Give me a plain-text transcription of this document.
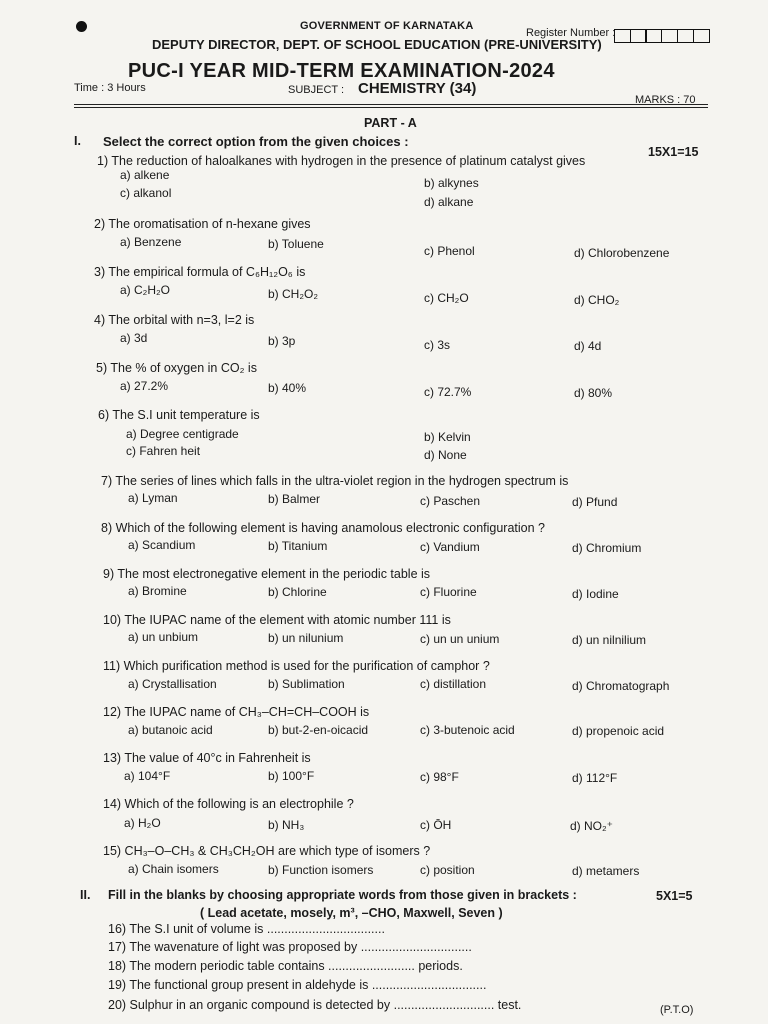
GOVERNMENT OF KARNATAKA
Register Number :
DEPUTY DIRECTOR, DEPT. OF SCHOOL EDUCATION (PRE-UNIVERSITY)
PUC-I YEAR MID-TERM EXAMINATION-2024
Time : 3 Hours	SUBJECT : CHEMISTRY (34)
MARKS : 70
PART - A
I. Select the correct option from the given choices :
15X1=15
1) The reduction of haloalkanes with hydrogen in the presence of platinum catalyst gives
a) alkene
b) alkynes
c) alkanol
d) alkane
2) The oromatisation of n-hexane gives
a) Benzene	b) Toluene	c) Phenol	d) Chlorobenzene
3) The empirical formula of C₆H₁₂O₆ is
a) C₂H₂O	b) CH₂O₂	c) CH₂O	d) CHO₂
4) The orbital with n=3, l=2 is
a) 3d	b) 3p	c) 3s	d) 4d
5) The % of oxygen in CO₂ is
a) 27.2%	b) 40%	c) 72.7%	d) 80%
6) The S.I unit temperature is
a) Degree centigrade	b) Kelvin
c) Fahren heit	d) None
7) The series of lines which falls in the ultra-violet region in the hydrogen spectrum is
a) Lyman	b) Balmer	c) Paschen	d) Pfund
8) Which of the following element is having anamolous electronic configuration ?
a) Scandium	b) Titanium	c) Vandium	d) Chromium
9) The most electronegative element in the periodic table is
a) Bromine	b) Chlorine	c) Fluorine	d) Iodine
10) The IUPAC name of the element with atomic number 111 is
a) un unbium	b) un nilunium	c) un un unium	d) un nilnilium
11) Which purification method is used for the purification of camphor ?
a) Crystallisation	b) Sublimation	c) distillation	d) Chromatograph
12) The IUPAC name of CH₃–CH=CH–COOH is
a) butanoic acid	b) but-2-en-oicacid	c) 3-butenoic acid	d) propenoic acid
13) The value of 40°c in Fahrenheit is
a) 104°F	b) 100°F	c) 98°F	d) 112°F
14) Which of the following is an electrophile ?
a) H₂O	b) NH₃	c) ŌH	d) NO₂⁺
15) CH₃–O–CH₃ & CH₃CH₂OH are which type of isomers ?
a) Chain isomers	b) Function isomers	c) position	d) metamers
II. Fill in the blanks by choosing appropriate words from those given in brackets :	5X1=5
( Lead acetate, mosely, m³, –CHO, Maxwell, Seven )
16) The S.I unit of volume is ..................................
17) The wavenature of light was proposed by ................................
18) The modern periodic table contains ......................... periods.
19) The functional group present in aldehyde is .................................
20) Sulphur in an organic compound is detected by ............................. test.	(P.T.O)
